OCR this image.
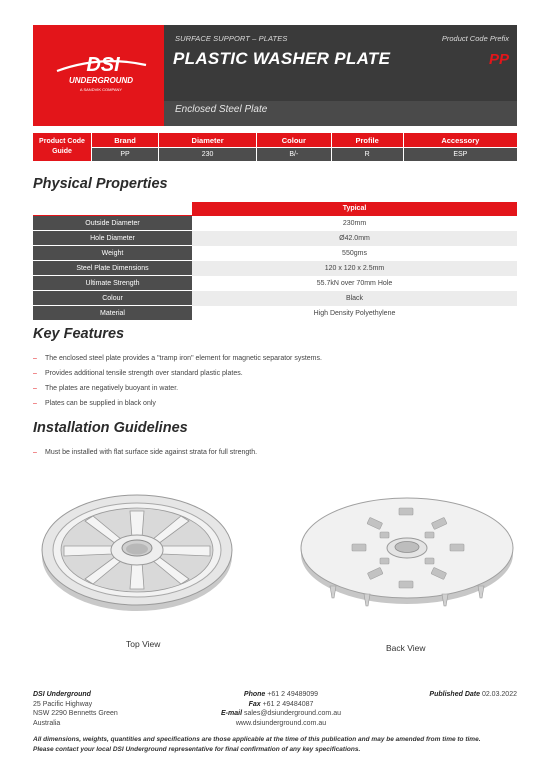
DSI
UNDERGROUND
A SANDVIK COMPANY
SURFACE SUPPORT – PLATES
PLASTIC WASHER PLATE
Product Code Prefix
PP
Enclosed Steel Plate
Product Code Guide
Brand	Diameter	Colour	Profile	Accessory
PP	230	B/-	R	ESP
Physical Properties
	Typical
Outside Diameter	230mm
Hole Diameter	Ø42.0mm
Weight	550gms
Steel Plate Dimensions	120 x 120 x 2.5mm
Ultimate Strength	55.7kN over 70mm Hole
Colour	Black
Material	High Density Polyethylene
Key Features
– The enclosed steel plate provides a "tramp iron" element for magnetic separator systems.
– Provides additional tensile strength over standard plastic plates.
– The plates are negatively buoyant in water.
– Plates can be supplied in black only
Installation Guidelines
– Must be installed with flat surface side against strata for full strength.
Top View	Back View
DSI Underground
25 Pacific Highway
NSW 2290 Bennetts Green
Australia
Phone +61 2 49489099
Fax +61 2 49484087
E-mail sales@dsiunderground.com.au
www.dsiunderground.com.au
Published Date 02.03.2022
All dimensions, weights, quantities and specifications are those applicable at the time of this publication and may be amended from time to time.
Please contact your local DSI Underground representative for final confirmation of any key specifications.
